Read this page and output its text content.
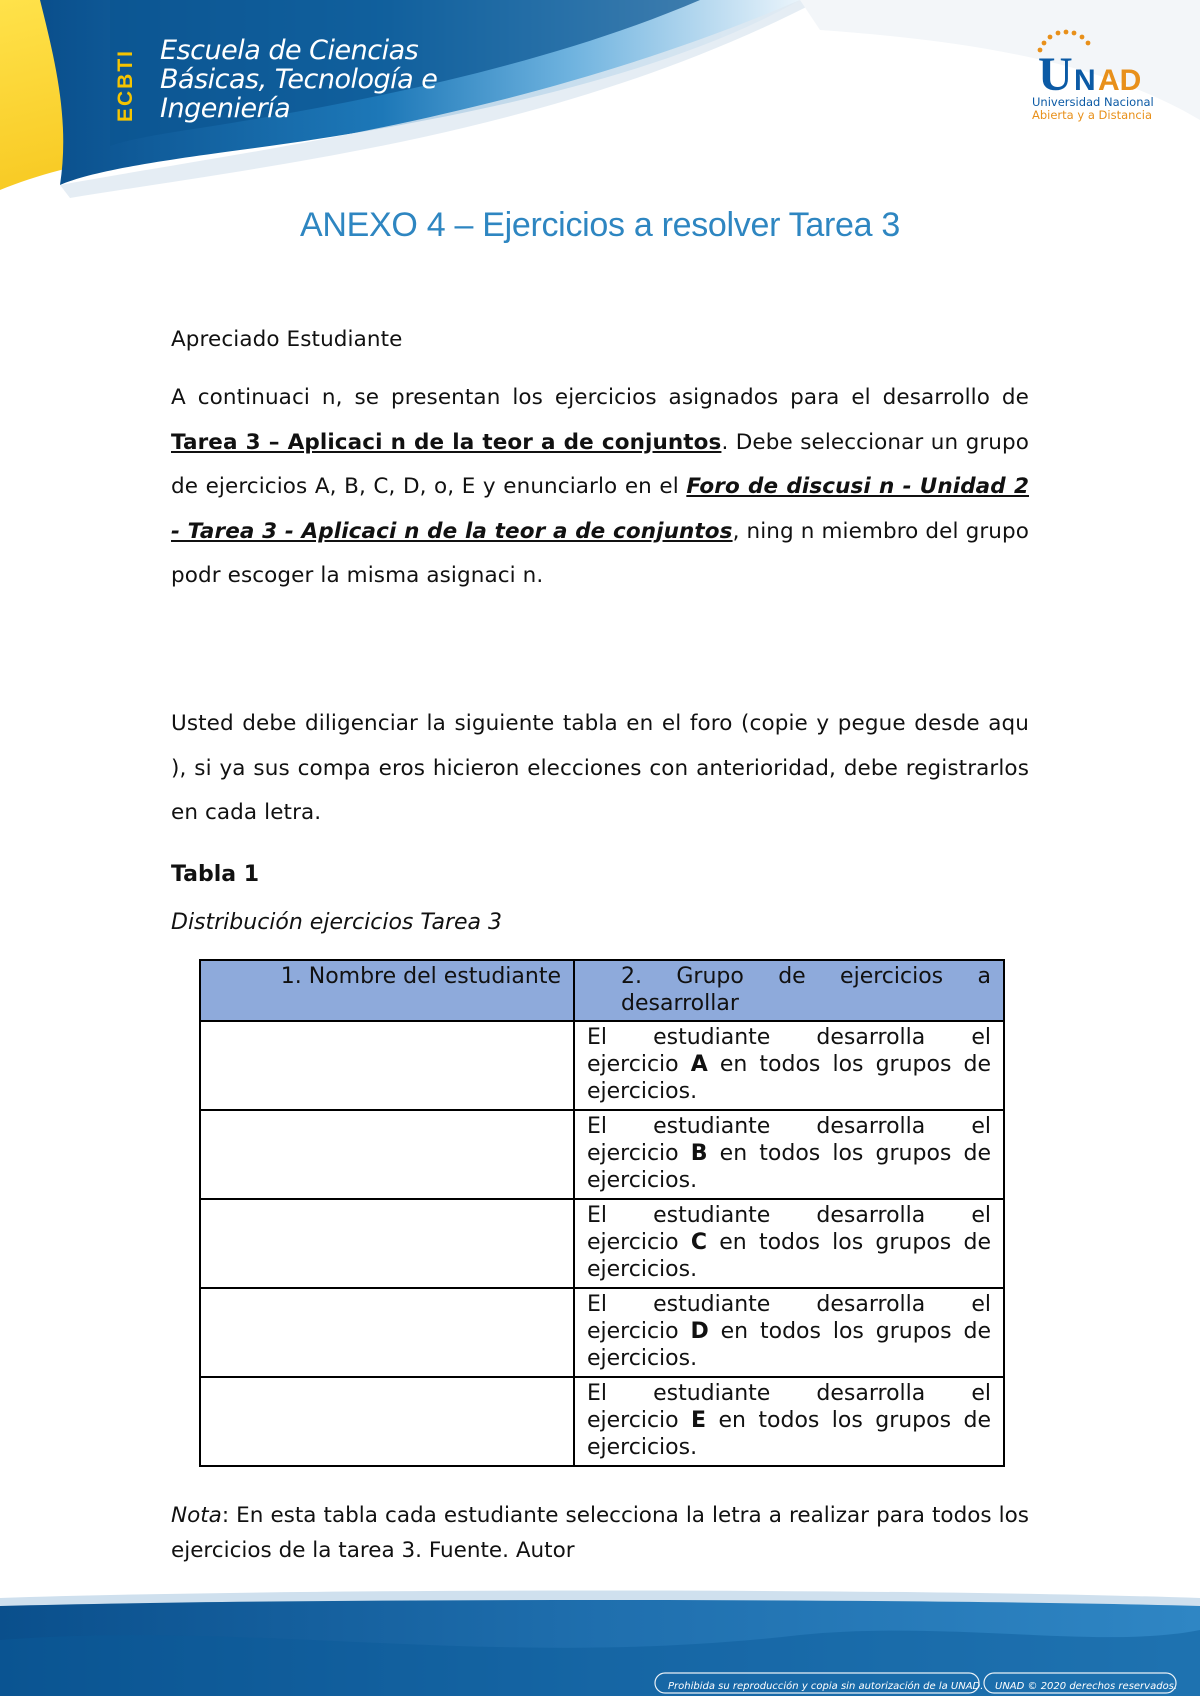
ECBTI Escuela de Ciencias
Básicas, Tecnología e
Ingeniería
U N AD
Universidad Nacional
Abierta y a Distancia
ANEXO 4 – Ejercicios a resolver Tarea 3
Apreciado Estudiante
A continuaci n, se presentan los ejercicios asignados para el desarrollo de Tarea 3 – Aplicaci n de la teor a de conjuntos. Debe seleccionar un grupo de ejercicios A, B, C, D, o, E y enunciarlo en el Foro de discusi n - Unidad 2 - Tarea 3 - Aplicaci n de la teor a de conjuntos, ning n miembro del grupo podr escoger la misma asignaci n.
Usted debe diligenciar la siguiente tabla en el foro (copie y pegue desde aqu ), si ya sus compa eros hicieron elecciones con anterioridad, debe registrarlos en cada letra.
Tabla 1
Distribución ejercicios Tarea 3
1. Nombre del estudiante	2. Grupo de ejercicios a desarrollar

	El estudiante desarrolla el
ejercicio A en todos los grupos de
ejercicios.

	El estudiante desarrolla el
ejercicio B en todos los grupos de
ejercicios.

	El estudiante desarrolla el
ejercicio C en todos los grupos de
ejercicios.

	El estudiante desarrolla el
ejercicio D en todos los grupos de
ejercicios.

	El estudiante desarrolla el
ejercicio E en todos los grupos de
ejercicios.
Nota: En esta tabla cada estudiante selecciona la letra a realizar para todos los ejercicios de la tarea 3. Fuente. Autor
Prohibida su reproducción y copia sin autorización de la UNAD. UNAD © 2020 derechos reservados.
